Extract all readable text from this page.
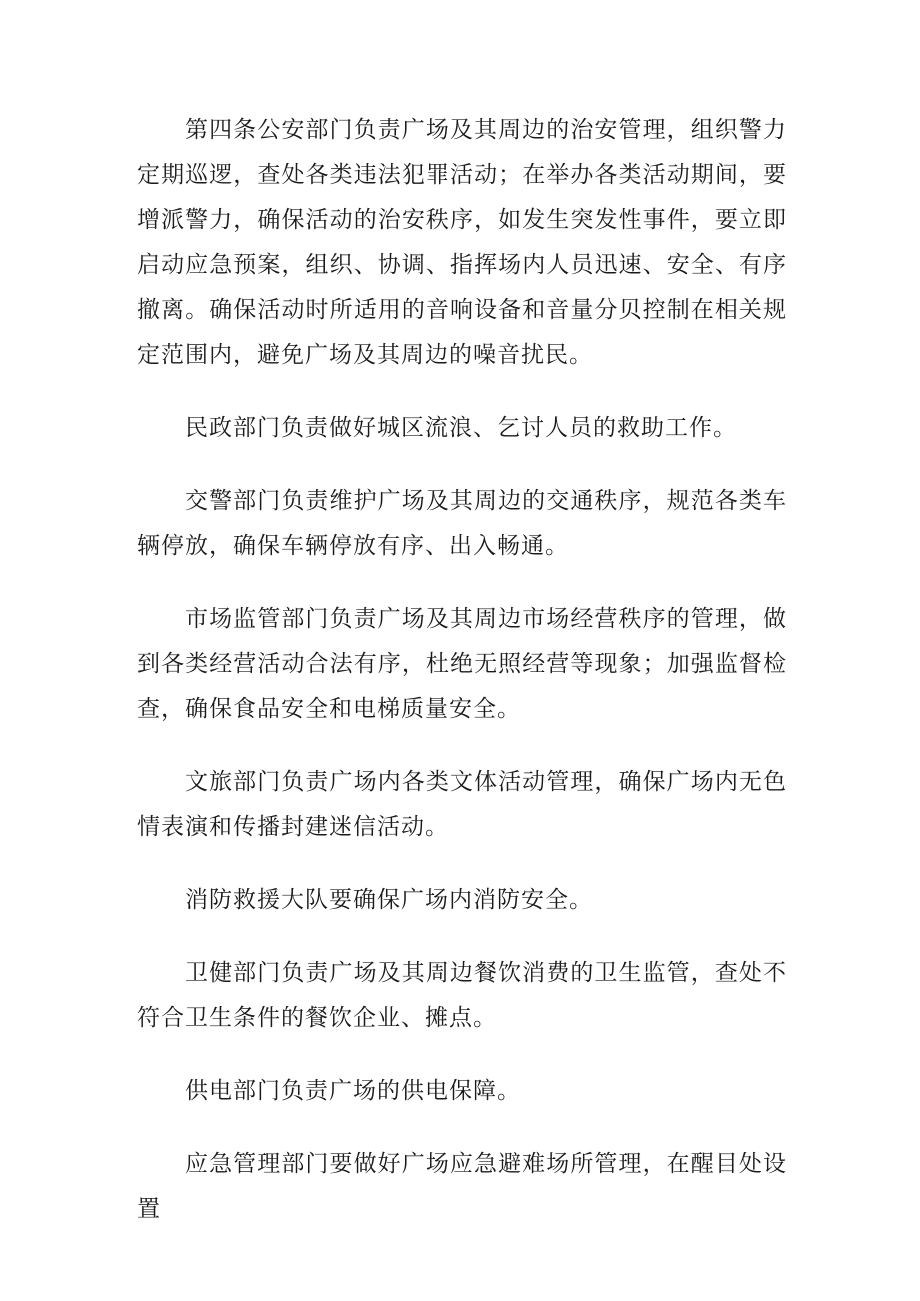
第四条公安部门负责广场及其周边的治安管理，组织警力定期巡逻，查处各类违法犯罪活动；在举办各类活动期间，要增派警力，确保活动的治安秩序，如发生突发性事件，要立即启动应急预案，组织、协调、指挥场内人员迅速、安全、有序撤离。确保活动时所适用的音响设备和音量分贝控制在相关规定范围内，避免广场及其周边的噪音扰民。

民政部门负责做好城区流浪、乞讨人员的救助工作。

交警部门负责维护广场及其周边的交通秩序，规范各类车辆停放，确保车辆停放有序、出入畅通。

市场监管部门负责广场及其周边市场经营秩序的管理，做到各类经营活动合法有序，杜绝无照经营等现象；加强监督检查，确保食品安全和电梯质量安全。

文旅部门负责广场内各类文体活动管理，确保广场内无色情表演和传播封建迷信活动。

消防救援大队要确保广场内消防安全。

卫健部门负责广场及其周边餐饮消费的卫生监管，查处不符合卫生条件的餐饮企业、摊点。

供电部门负责广场的供电保障。

应急管理部门要做好广场应急避难场所管理，在醒目处设置
